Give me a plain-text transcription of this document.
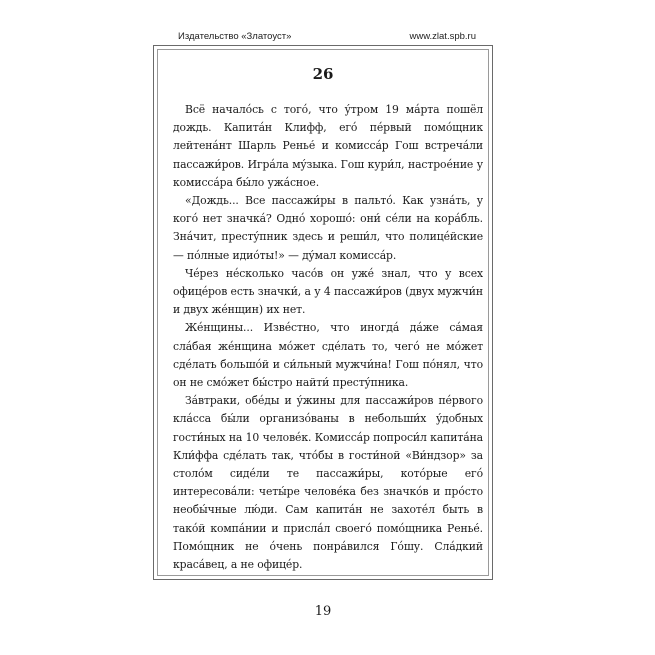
Издательство «Златоуст»	www.zlat.spb.ru
26

Всё началóсь с тогó, что ýтром 19 мáрта пошёл дождь. Капитáн Клифф, егó пéрвый помóщник лейтенáнт Шарль Ренье́ и комиссáр Гош встречáли пассажи́ров. Игрáла мýзыка. Гош кури́л, настроéние у комиссáра бы́ло ужáсное.

«Дождь... Все пассажи́ры в пальтó. Как узнáть, у когó нет значкá? Однó хорошó: они́ сéли на корáбль. Знáчит, престýпник здесь и реши́л, что полицéйские — пóлные идиóты!» — дýмал комиссáр.

Чéрез нéсколько часóв он ужé знал, что у всех офицéров есть значки́, а у 4 пассажи́ров (двух мужчи́н и двух жéнщин) их нет.

Жéнщины... Извéстно, что иногдá дáже сáмая слáбая жéнщина мóжет сдéлать то, чегó не мóжет сдéлать большóй и си́льный мужчи́на! Гош пóнял, что он не смóжет бы́стро найти́ престýпника.

Зáвтраки, обéды и ýжины для пассажи́ров пéрвого клáсса бы́ли организóваны в небольши́х ýдобных гости́ных на 10 человéк. Комиссáр попроси́л капитáна Кли́ффа сдéлать так, чтóбы в гости́ной «Ви́ндзор» за столóм сидéли те пассажи́ры, котóрые егó интересовáли: четы́ре человéка без значкóв и прóсто необы́чные лю́ди. Сам капитáн не захотéл быть в такóй компáнии и прислáл своегó помóщника Ренье́. Помóщник не óчень понрáвился Гóшу. Слáдкий красáвец, а не офицéр.

19
